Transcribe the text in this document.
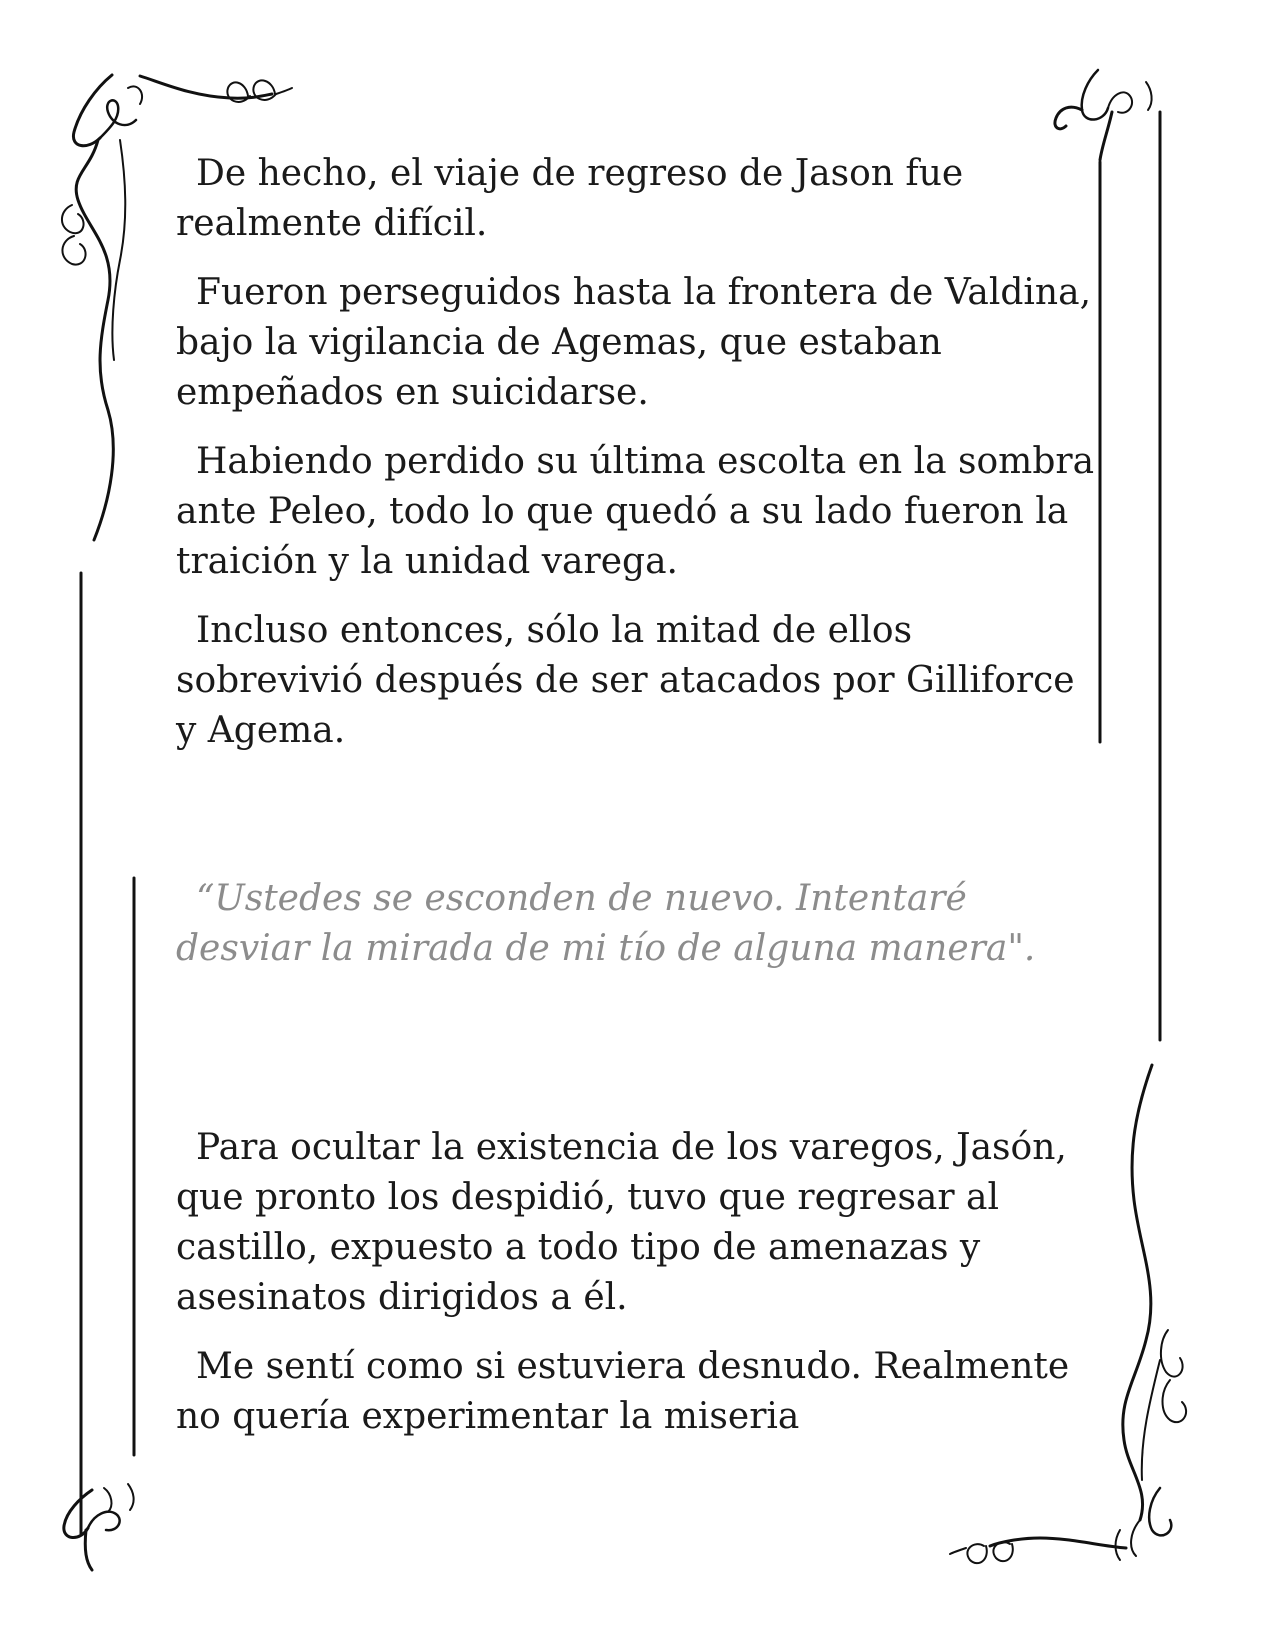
De hecho, el viaje de regreso de Jason fue realmente difícil.

Fueron perseguidos hasta la frontera de Valdina, bajo la vigilancia de Agemas, que estaban empeñados en suicidarse.

Habiendo perdido su última escolta en la sombra ante Peleo, todo lo que quedó a su lado fueron la traición y la unidad varega.

Incluso entonces, sólo la mitad de ellos sobrevivió después de ser atacados por Gilliforce y Agema.

“Ustedes se esconden de nuevo. Intentaré desviar la mirada de mi tío de alguna manera".

Para ocultar la existencia de los varegos, Jasón, que pronto los despidió, tuvo que regresar al castillo, expuesto a todo tipo de amenazas y asesinatos dirigidos a él.

Me sentí como si estuviera desnudo. Realmente no quería experimentar la miseria
